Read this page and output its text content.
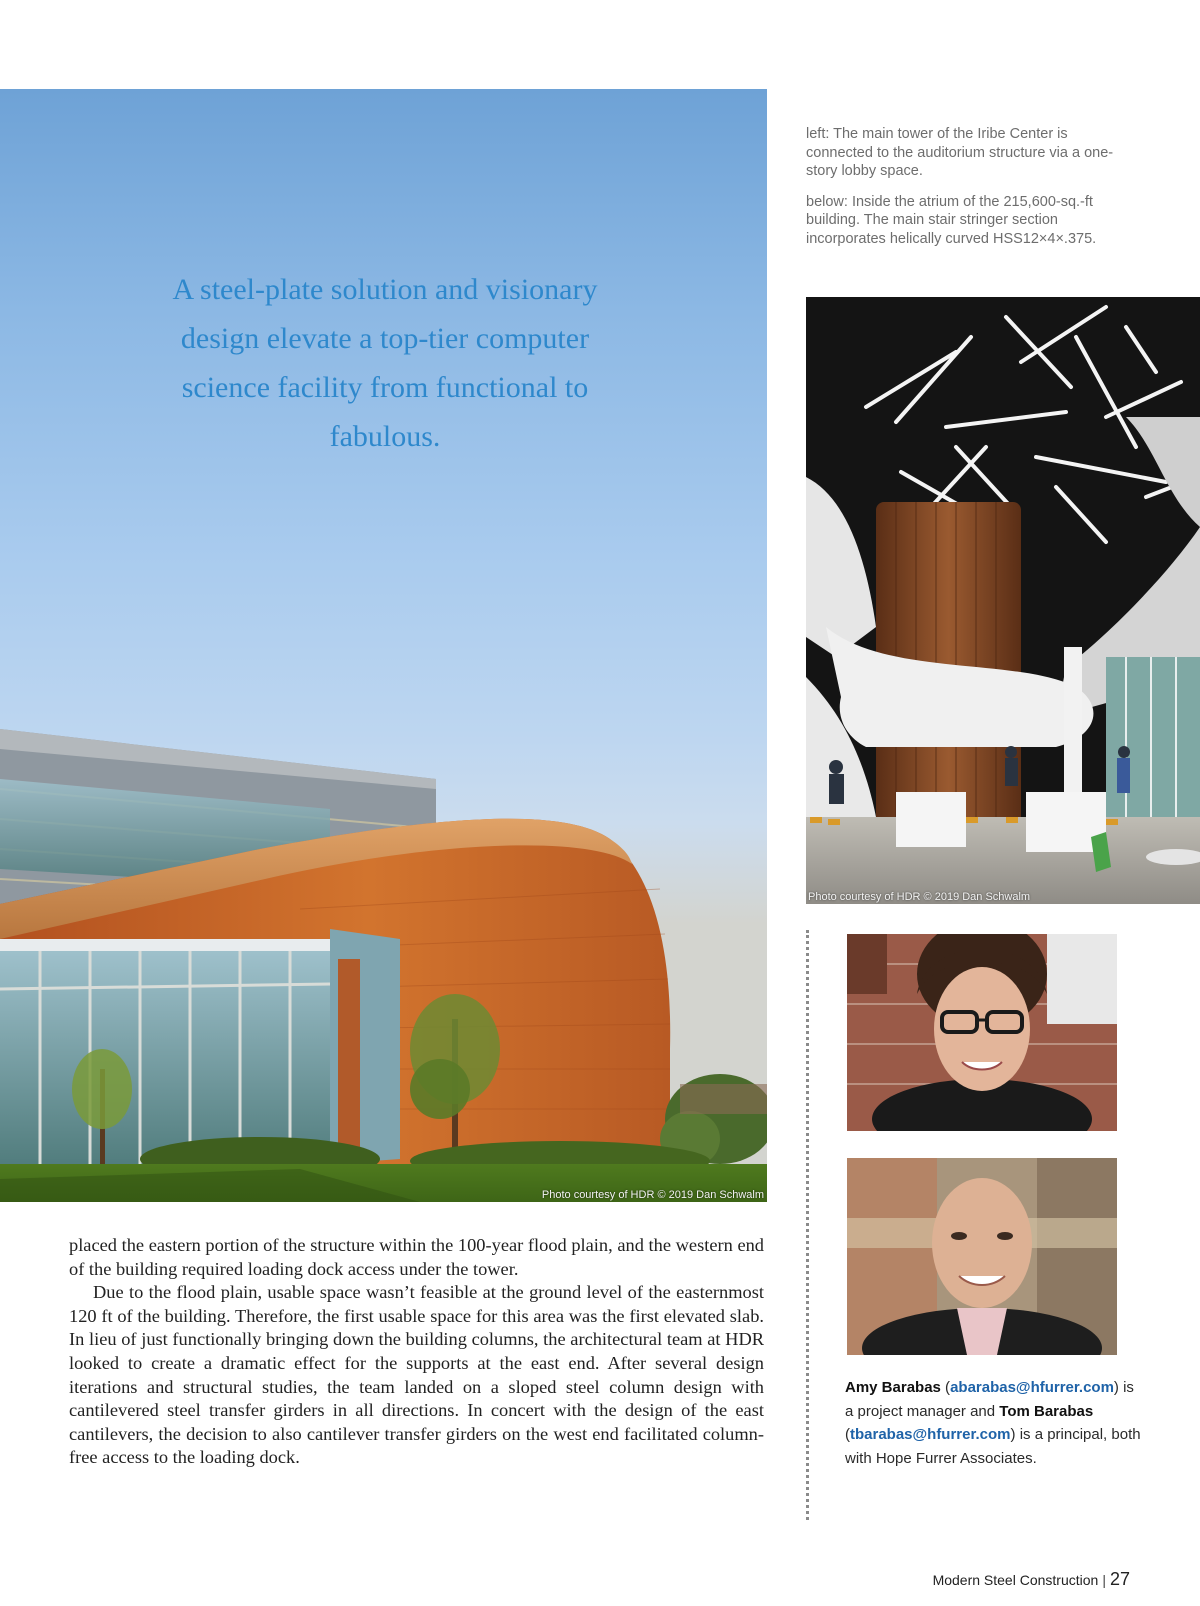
A steel-plate solution and visionary design elevate a top-tier computer science facility from functional to fabulous.
Photo courtesy of HDR © 2019 Dan Schwalm

left: The main tower of the Iribe Center is connected to the auditorium structure via a one-story lobby space.

below: Inside the atrium of the 215,600-sq.-ft building. The main stair stringer section incorporates helically curved HSS12×4×.375.

Photo courtesy of HDR © 2019 Dan Schwalm

Amy Barabas (abarabas@hfurrer.com) is a project manager and Tom Barabas (tbarabas@hfurrer.com) is a principal, both with Hope Furrer Associates.

placed the eastern portion of the structure within the 100-year flood plain, and the western end of the building required loading dock access under the tower.

Due to the flood plain, usable space wasn’t feasible at the ground level of the easternmost 120 ft of the building. Therefore, the first usable space for this area was the first elevated slab. In lieu of just functionally bringing down the building columns, the architectural team at HDR looked to create a dramatic effect for the supports at the east end. After several design iterations and structural studies, the team landed on a sloped steel column design with cantilevered steel transfer girders in all directions. In concert with the design of the east cantilevers, the decision to also cantilever transfer girders on the west end facilitated column-free access to the loading dock.

Modern Steel Construction | 27
